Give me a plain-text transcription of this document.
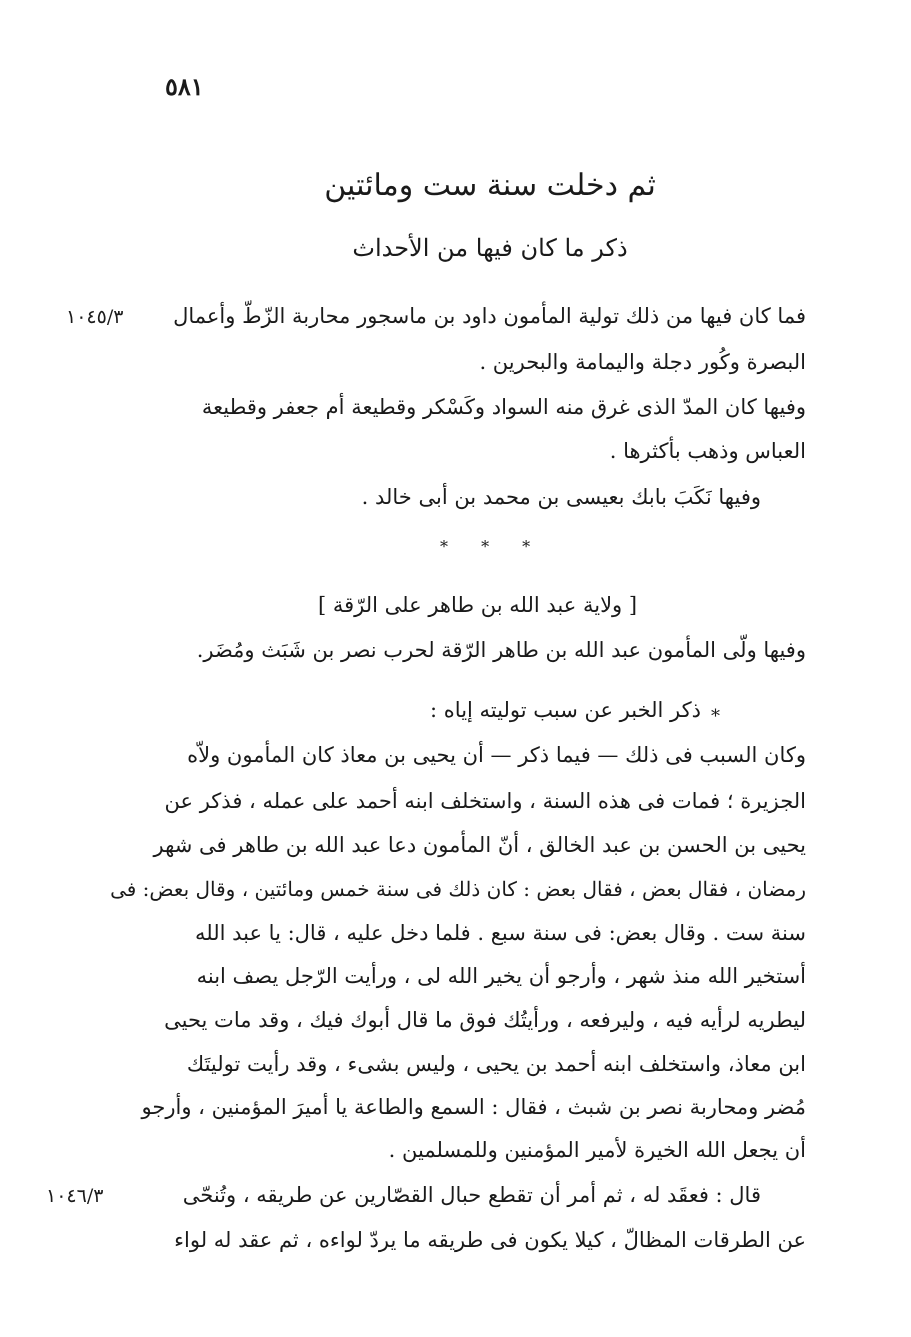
٥٨١
ثم دخلت سنة ست ومائتين
ذكر ما كان فيها من الأحداث
١٠٤٥/٣ فما كان فيها من ذلك تولية المأمون داود بن ماسجور محاربة الزّطّ وأعمال
البصرة وكُور دجلة واليمامة والبحرين .
وفيها كان المدّ الذى غرق منه السواد وكَسْكر وقطيعة أم جعفر وقطيعة
العباس وذهب بأكثرها .
وفيها نَكَبَ بابك بعيسى بن محمد بن أبى خالد .
* * *
[ ولاية عبد الله بن طاهر على الرّقة ]
وفيها ولّى المأمون عبد الله بن طاهر الرّقة لحرب نصر بن شَبَث ومُضَر.
*
ذكر الخبر عن سبب توليته إياه :
وكان السبب فى ذلك — فيما ذكر — أن يحيى بن معاذ كان المأمون ولاّه
الجزيرة ؛ فمات فى هذه السنة ، واستخلف ابنه أحمد على عمله ، فذكر عن
يحيى بن الحسن بن عبد الخالق ، أنّ المأمون دعا عبد الله بن طاهر فى شهر
رمضان ، فقال بعض ، فقال بعض : كان ذلك فى سنة خمس ومائتين ، وقال بعض: فى
سنة ست . وقال بعض: فى سنة سبع . فلما دخل عليه ، قال: يا عبد الله
أستخير الله منذ شهر ، وأرجو أن يخير الله لى ، ورأيت الرّجل يصف ابنه
ليطريه لرأيه فيه ، وليرفعه ، ورأيتُك فوق ما قال أبوك فيك ، وقد مات يحيى
ابن معاذ، واستخلف ابنه أحمد بن يحيى ، وليس بشىء ، وقد رأيت توليتَك
مُضر ومحاربة نصر بن شبث ، فقال : السمع والطاعة يا أميرَ المؤمنين ، وأرجو
أن يجعل الله الخيرة لأمير المؤمنين وللمسلمين .
١٠٤٦/٣	قال : فعقَد له ، ثم أمر أن تقطع حبال القصّارين عن طريقه ، وتُنحّى
عن الطرقات المظالّ ، كيلا يكون فى طريقه ما يردّ لواءه ، ثم عقد له لواء
